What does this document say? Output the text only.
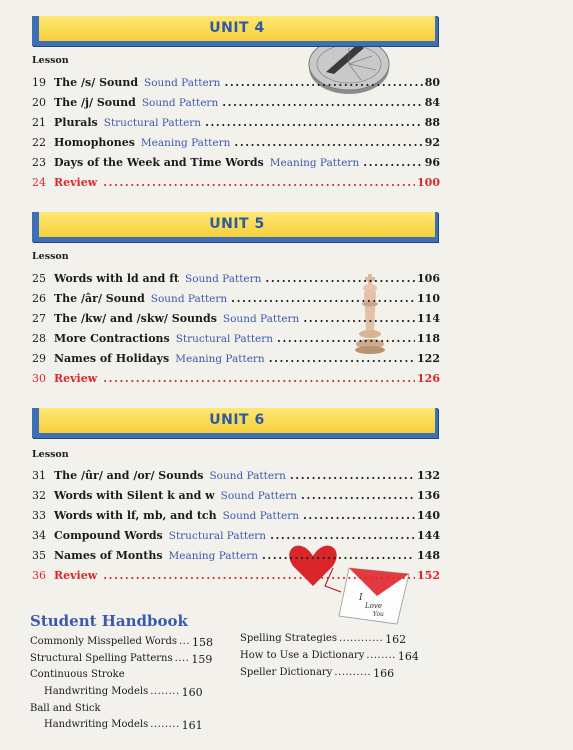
I
Love
You
UNIT 4
Lesson
19 The /s/ Sound Sound Pattern .....	80
20 The /j/ Sound Sound Pattern .....	84
21 Plurals Structural Pattern .....	88
22 Homophones Meaning Pattern .....	92
23 Days of the Week and Time Words Meaning Pattern .....	96
24 Review .....	100
UNIT 5
Lesson
25 Words with ld and ft Sound Pattern .....	106
26 The /âr/ Sound Sound Pattern .....	110
27 The /kw/ and /skw/ Sounds Sound Pattern .....	114
28 More Contractions Structural Pattern .....	118
29 Names of Holidays Meaning Pattern .....	122
30 Review .....	126
UNIT 6
Lesson
31 The /ûr/ and /or/ Sounds Sound Pattern .....	132
32 Words with Silent k and w Sound Pattern .....	136
33 Words with lf, mb, and tch Sound Pattern .....	140
34 Compound Words Structural Pattern .....	144
35 Names of Months Meaning Pattern .....	148
36 Review .....	152
Student Handbook
Commonly Misspelled Words ... 158
Structural Spelling Patterns .... 159
Continuous Stroke
Handwriting Models ........ 160
Ball and Stick
Handwriting Models ........ 161
Spelling Strategies ............ 162
How to Use a Dictionary ........ 164
Speller Dictionary .......... 166
